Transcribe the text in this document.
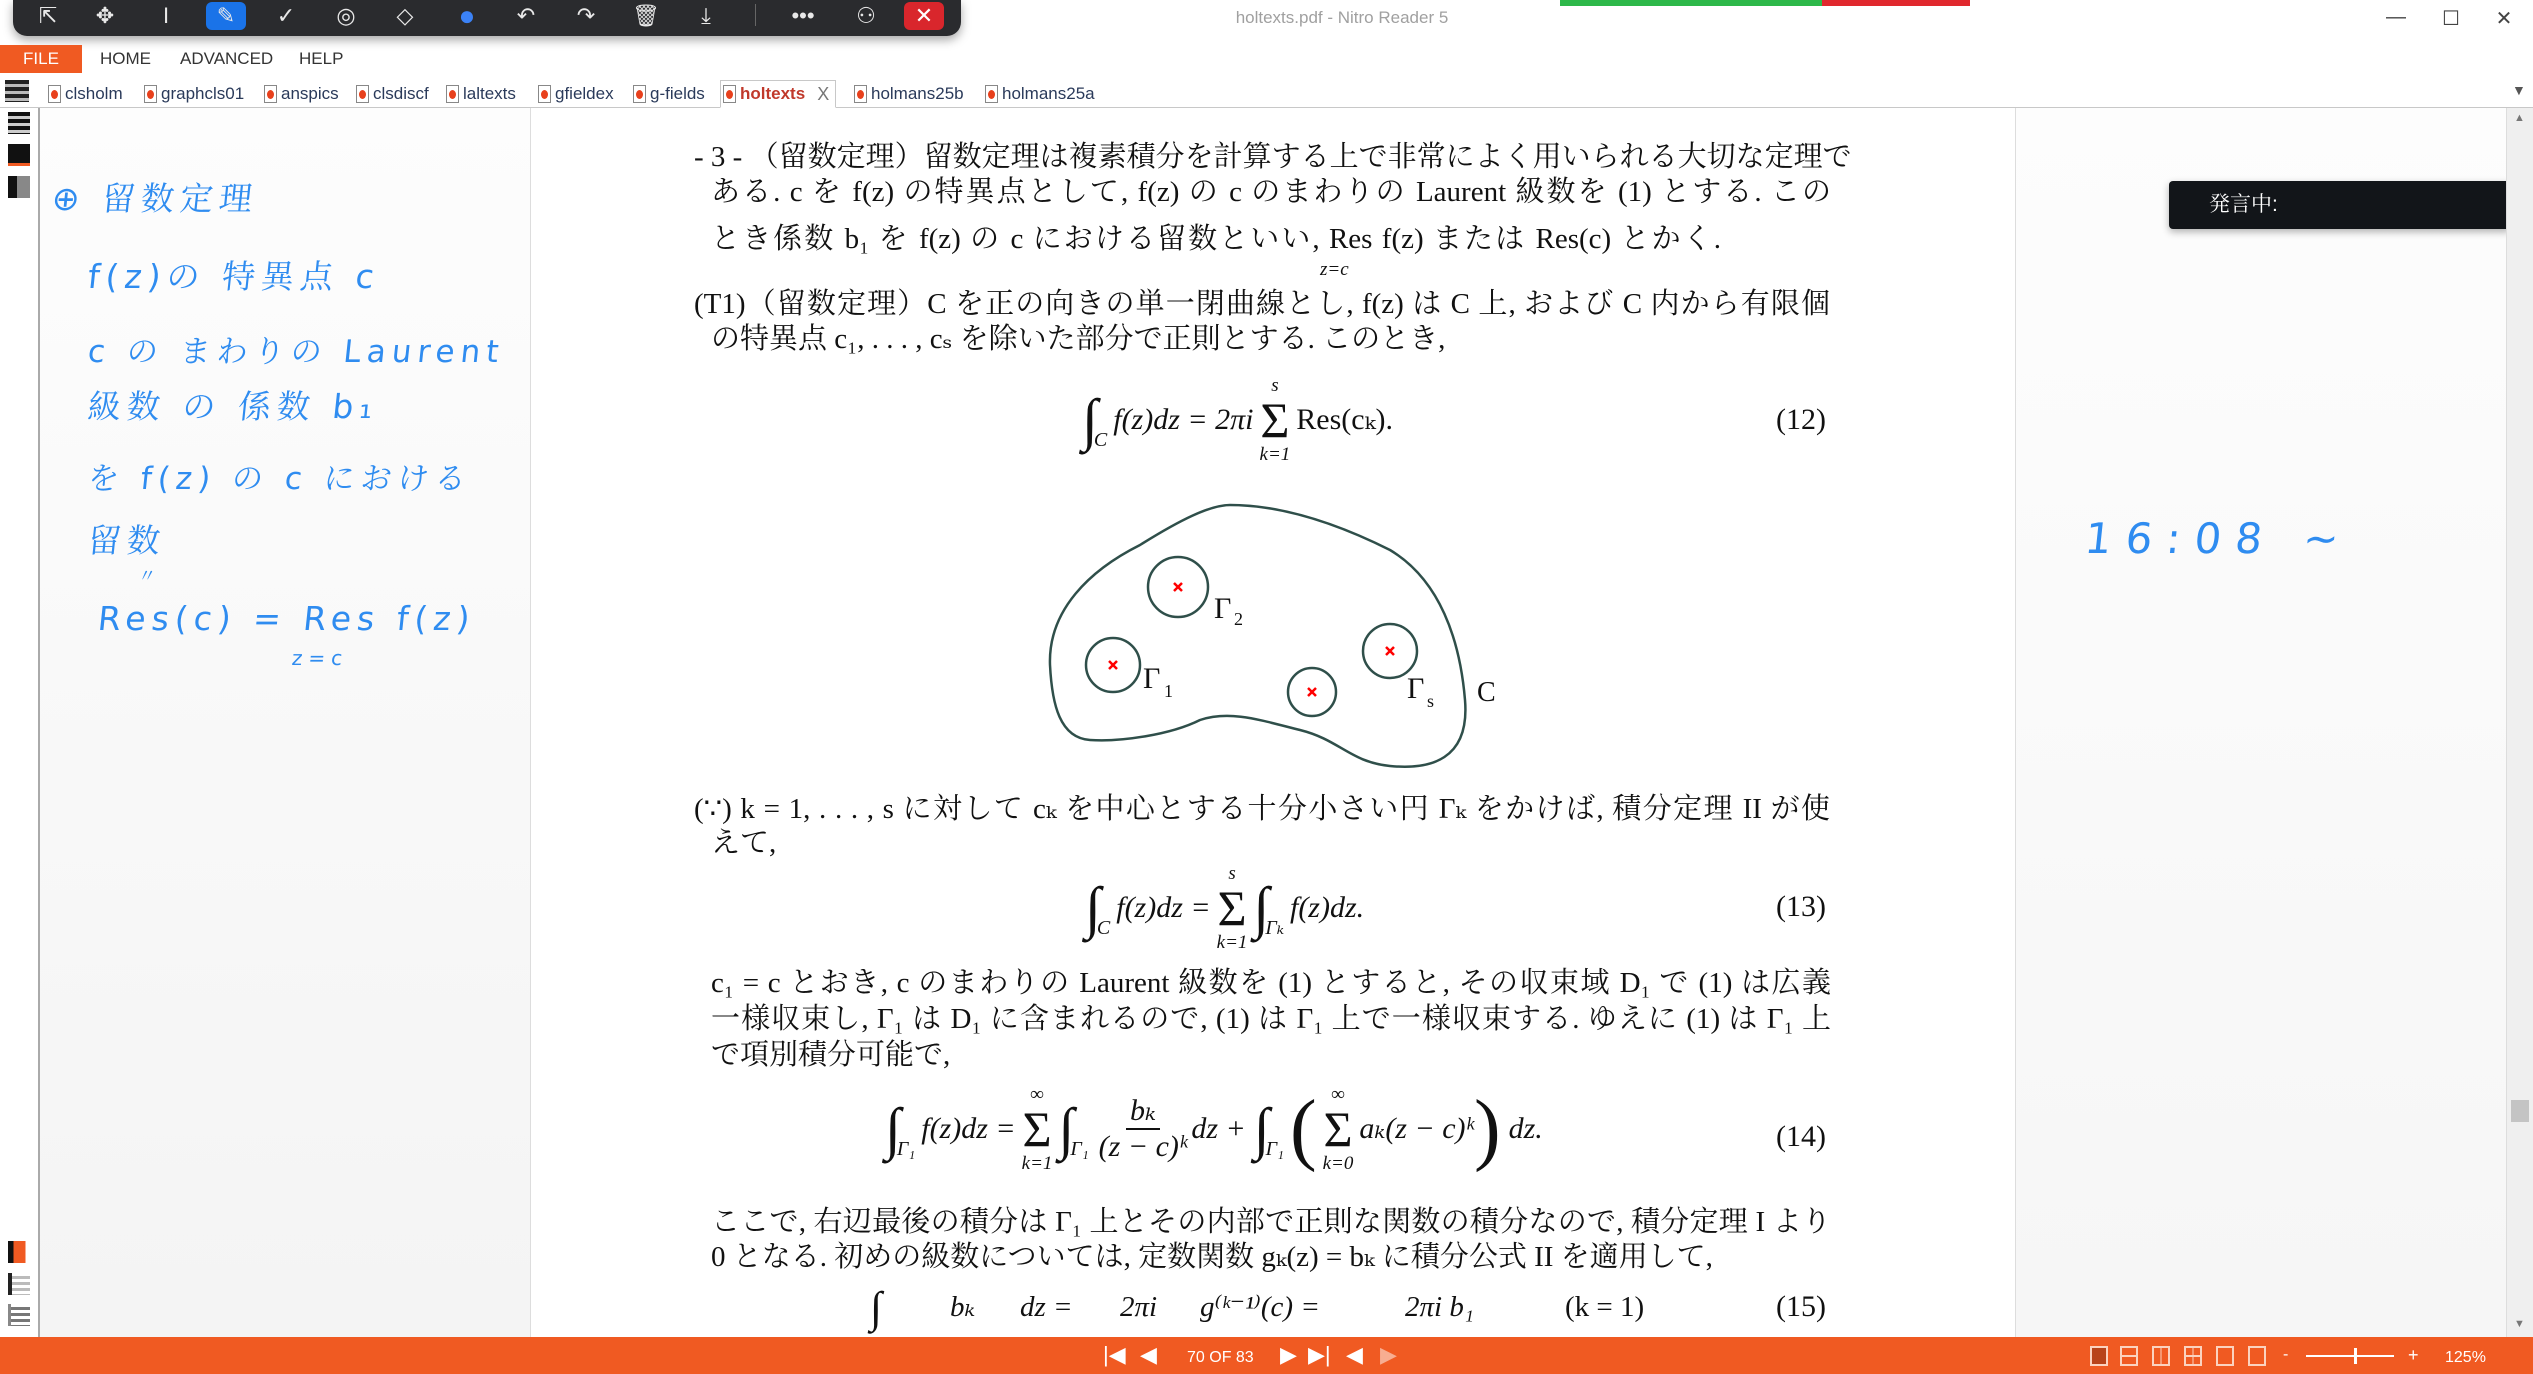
⇱	✥	I	✎	✓	◎	◇	●	↶	↷	🗑	⤓	•••	⚇	✕	holtexts.pdf - Nitro Reader 5	—	☐	✕
HOME ADVANCED HELP
FILE
clsholm graphcls01 anspics clsdiscf laltexts gfieldex g-fields holtexts X holmans25b holmans25a	▼
⊕ 留数定理
f(z)の 特異点 c
c の まわりの Laurent
級数 の 係数 b₁
を f(z) の c における
留数
〃
Res(c) = Res f(z)
z=c
- 3 - （留数定理）留数定理は複素積分を計算する上で非常によく用いられる大切な定理で
ある. c を f(z) の特異点として, f(z) の c のまわりの Laurent 級数を (1) とする. この
とき係数 b₁ を f(z) の c における留数といい, Res f(z) または Res(c) とかく.
z=c
(T1)（留数定理）C を正の向きの単一閉曲線とし, f(z) は C 上, および C 内から有限個
の特異点 c₁, . . . , cₛ を除いた部分で正則とする. このとき,
∫
C
f(z)dz = 2πi
s
Σ
k=1
Res(cₖ).	(12)
Γ 2
Γ 1	Γ s C
(∵) k = 1, . . . , s に対して cₖ を中心とする十分小さい円 Γₖ をかけば, 積分定理 II が使
えて,
∫
C
f(z)dz =
s
Σ
k=1
∫
Γₖ
f(z)dz.	(13)
c₁ = c とおき, c のまわりの Laurent 級数を (1) とすると, その収束域 D₁ で (1) は広義
一様収束し, Γ₁ は D₁ に含まれるので, (1) は Γ₁ 上で一様収束する. ゆえに (1) は Γ₁ 上
で項別積分可能で,
∫
Γ₁
f(z)dz =
∞
Σ
k=1
∫
$\Gamma_1 \frac{\text{bₖ}}{\text{(z − c)ᵏ}}$ dz + ∫
Γ₁ ( ∞
Σ
k=0
aₖ(z − c)ᵏ ) dz.	(14)
ここで, 右辺最後の積分は Γ₁ 上とその内部で正則な関数の積分なので, 積分定理 I より
0 となる. 初めの級数については, 定数関数 gₖ(z) = bₖ に積分公式 II を適用して,
∫ bₖ dz = 2πi g⁽ᵏ⁻¹⁾(c) =	2πi b₁	(k = 1)	(15)
発言中:
16:08 ~
▲
▼
|◀ ◀ 70 OF 83 ▶ ▶| ◀ ▶	-	+ 125%
